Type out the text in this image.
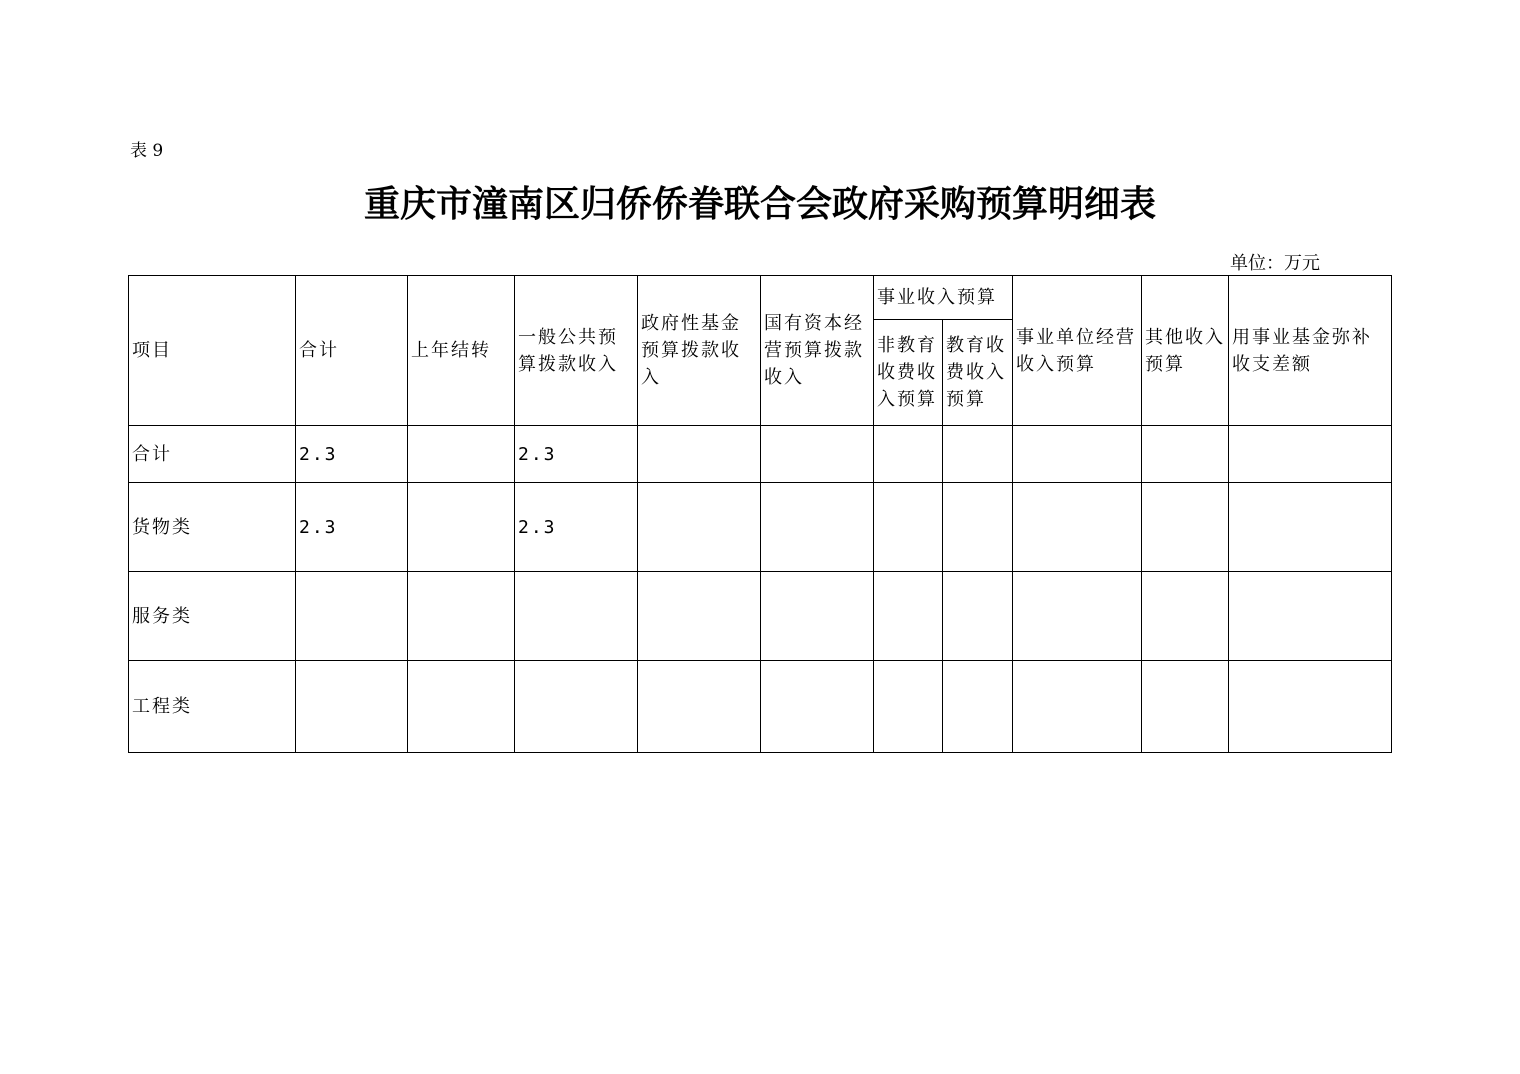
表 9
重庆市潼南区归侨侨眷联合会政府采购预算明细表
单位：万元
项目	合计	上年结转	一般公共预算拨款收入	政府性基金预算拨款收入	国有资本经营预算拨款收入	事业收入预算		事业单位经营收入预算	其他收入预算	用事业基金弥补收支差额
						非教育收费收入预算	教育收费收入预算			
合计	2.3		2.3							
货物类	2.3		2.3							
服务类										
工程类										
